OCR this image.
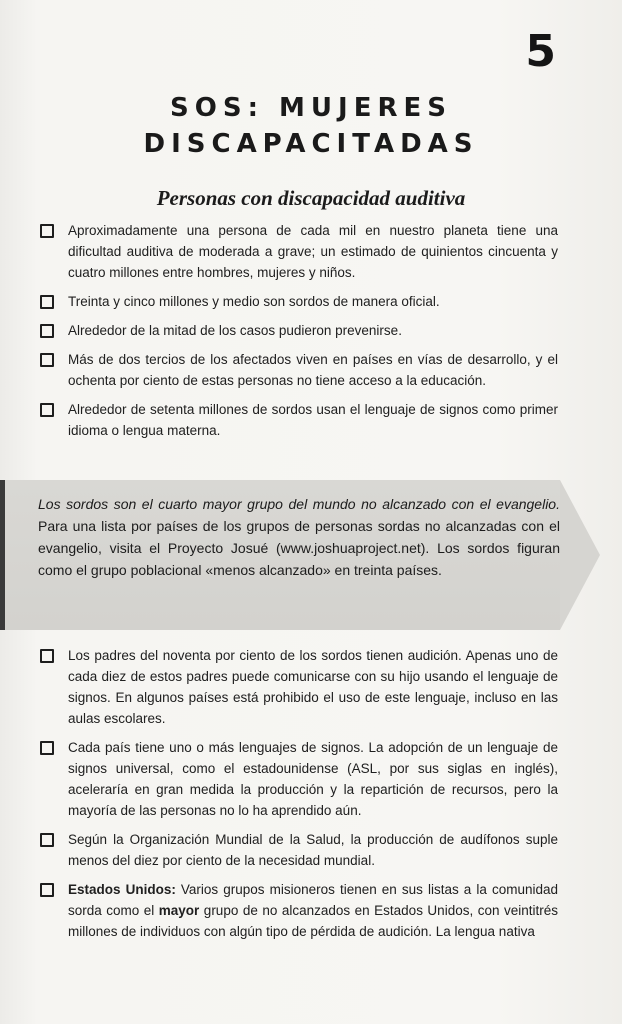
5
SOS: MUJERES
DISCAPACITADAS
Personas con discapacidad auditiva
Aproximadamente una persona de cada mil en nuestro planeta tiene una dificultad auditiva de moderada a grave; un estimado de quinientos cincuenta y cuatro millones entre hombres, mujeres y niños.
Treinta y cinco millones y medio son sordos de manera oficial.
Alrededor de la mitad de los casos pudieron prevenirse.
Más de dos tercios de los afectados viven en países en vías de desarrollo, y el ochenta por ciento de estas personas no tiene acceso a la educación.
Alrededor de setenta millones de sordos usan el lenguaje de signos como primer idioma o lengua materna.
Los sordos son el cuarto mayor grupo del mundo no alcanzado con el evangelio. Para una lista por países de los grupos de personas sordas no alcanzadas con el evangelio, visita el Proyecto Josué (www.joshuaproject.net). Los sordos figuran como el grupo poblacional «menos alcanzado» en treinta países.
Los padres del noventa por ciento de los sordos tienen audición. Apenas uno de cada diez de estos padres puede comunicarse con su hijo usando el lenguaje de signos. En algunos países está prohibido el uso de este lenguaje, incluso en las aulas escolares.
Cada país tiene uno o más lenguajes de signos. La adopción de un lenguaje de signos universal, como el estadounidense (ASL, por sus siglas en inglés), aceleraría en gran medida la producción y la repartición de recursos, pero la mayoría de las personas no lo ha aprendido aún.
Según la Organización Mundial de la Salud, la producción de audífonos suple menos del diez por ciento de la necesidad mundial.
Estados Unidos: Varios grupos misioneros tienen en sus listas a la comunidad sorda como el mayor grupo de no alcanzados en Estados Unidos, con veintitrés millones de individuos con algún tipo de pérdida de audición. La lengua nativa
